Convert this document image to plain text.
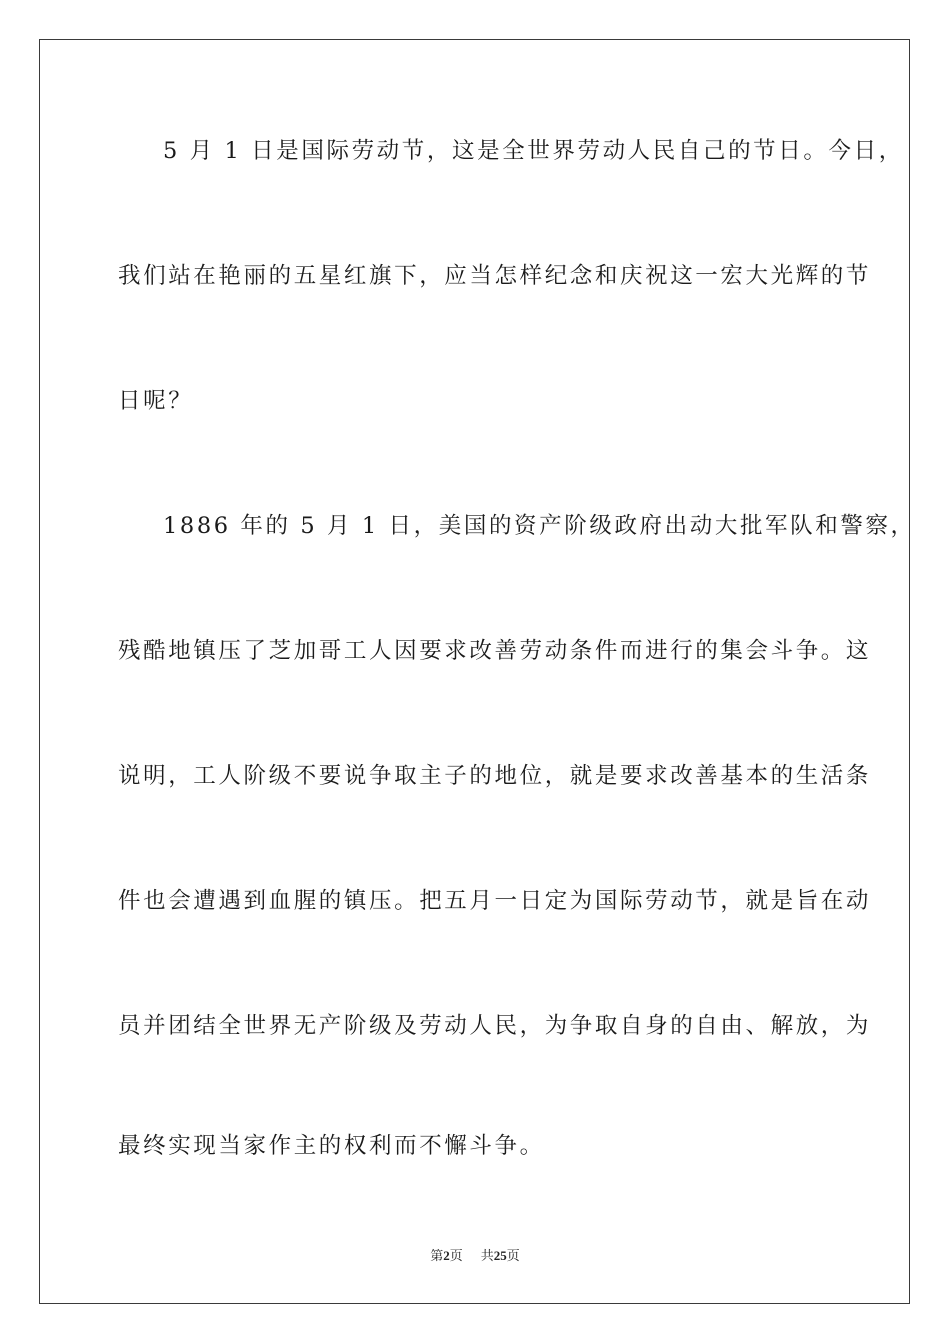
5 月 1 日是国际劳动节，这是全世界劳动人民自己的节日。今日，
我们站在艳丽的五星红旗下，应当怎样纪念和庆祝这一宏大光辉的节
日呢？
1886 年的 5 月 1 日，美国的资产阶级政府出动大批军队和警察，
残酷地镇压了芝加哥工人因要求改善劳动条件而进行的集会斗争。这
说明，工人阶级不要说争取主子的地位，就是要求改善基本的生活条
件也会遭遇到血腥的镇压。把五月一日定为国际劳动节，就是旨在动
员并团结全世界无产阶级及劳动人民，为争取自身的自由、解放，为
最终实现当家作主的权利而不懈斗争。
第2页 共25页
